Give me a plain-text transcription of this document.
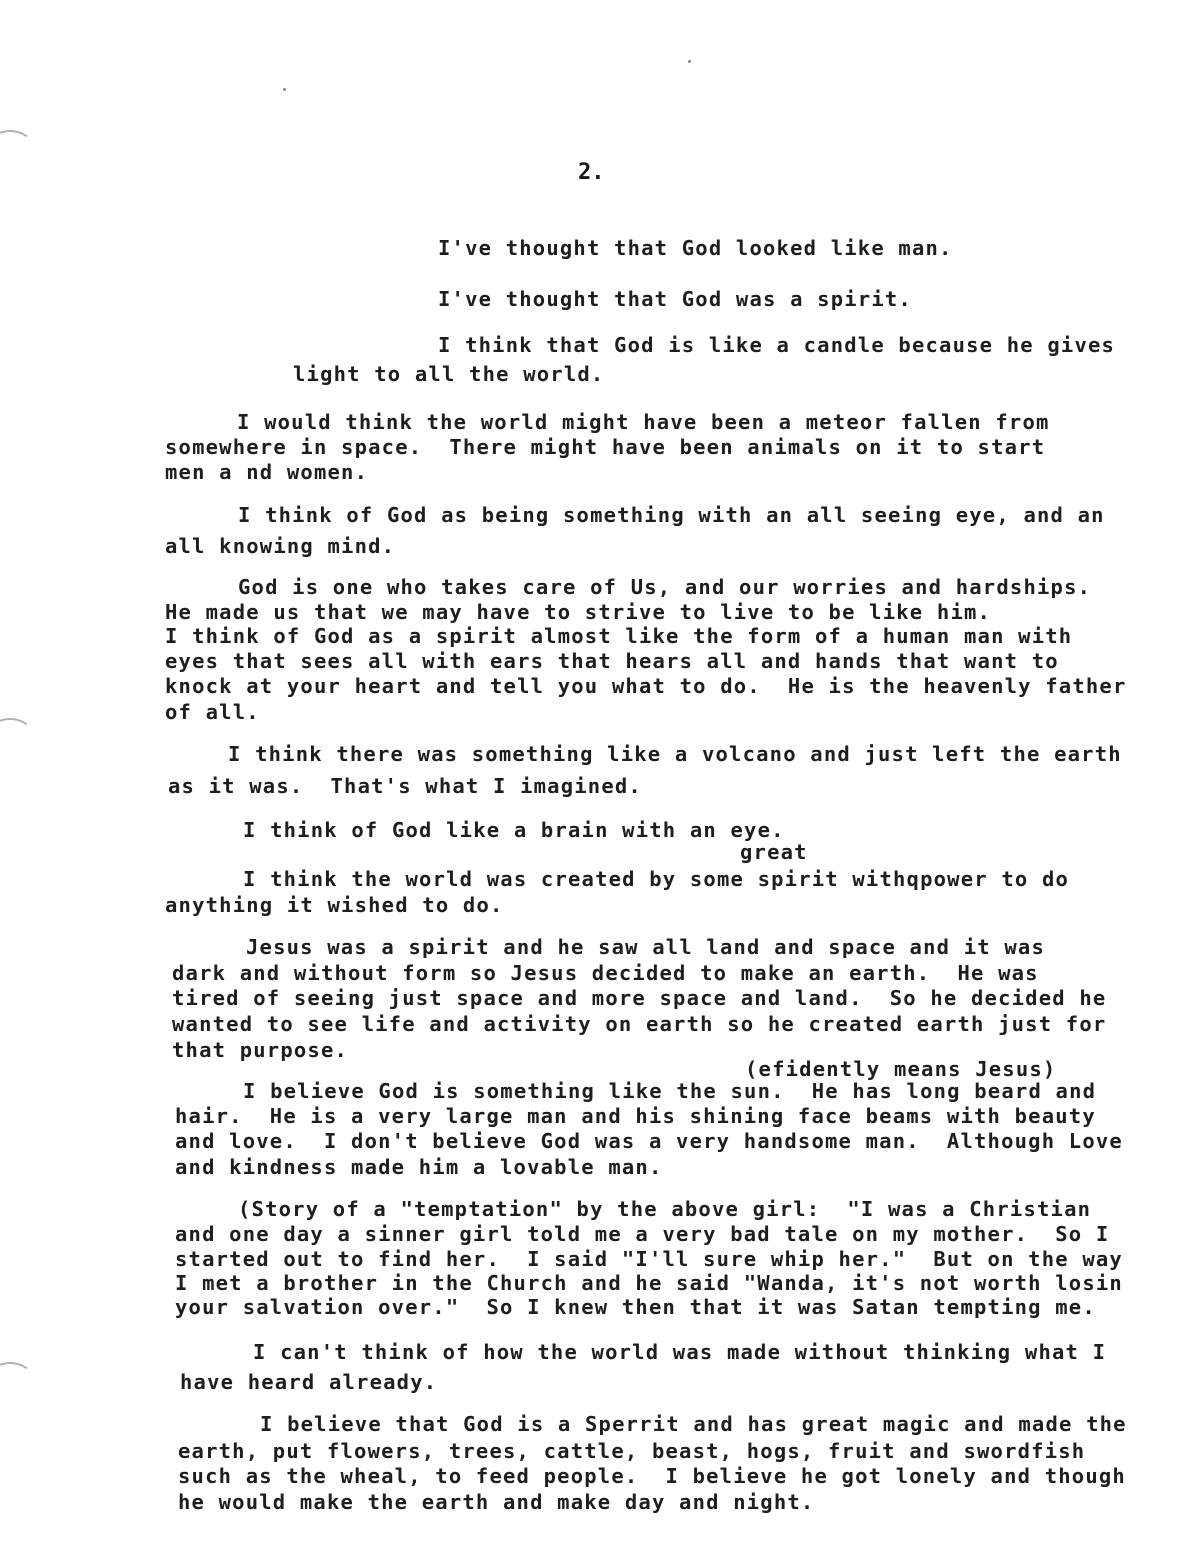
2.
I've thought that God looked like man.
I've thought that God was a spirit.
I think that God is like a candle because he gives
light to all the world.
I would think the world might have been a meteor fallen from
somewhere in space.  There might have been animals on it to start
men a nd women.
I think of God as being something with an all seeing eye, and an
all knowing mind.
God is one who takes care of Us, and our worries and hardships.
He made us that we may have to strive to live to be like him.
I think of God as a spirit almost like the form of a human man with
eyes that sees all with ears that hears all and hands that want to
knock at your heart and tell you what to do.  He is the heavenly father
of all.
I think there was something like a volcano and just left the earth
as it was.  That's what I imagined.
I think of God like a brain with an eye.
great
I think the world was created by some spirit withqpower to do
anything it wished to do.
Jesus was a spirit and he saw all land and space and it was
dark and without form so Jesus decided to make an earth.  He was
tired of seeing just space and more space and land.  So he decided he
wanted to see life and activity on earth so he created earth just for
that purpose.
(efidently means Jesus)
I believe God is something like the sun.  He has long beard and
hair.  He is a very large man and his shining face beams with beauty
and love.  I don't believe God was a very handsome man.  Although Love
and kindness made him a lovable man.
(Story of a "temptation" by the above girl:  "I was a Christian
and one day a sinner girl told me a very bad tale on my mother.  So I
started out to find her.  I said "I'll sure whip her."  But on the way
I met a brother in the Church and he said "Wanda, it's not worth losin
your salvation over."  So I knew then that it was Satan tempting me.
I can't think of how the world was made without thinking what I
have heard already.
I believe that God is a Sperrit and has great magic and made the
earth, put flowers, trees, cattle, beast, hogs, fruit and swordfish
such as the wheal, to feed people.  I believe he got lonely and though
he would make the earth and make day and night.
